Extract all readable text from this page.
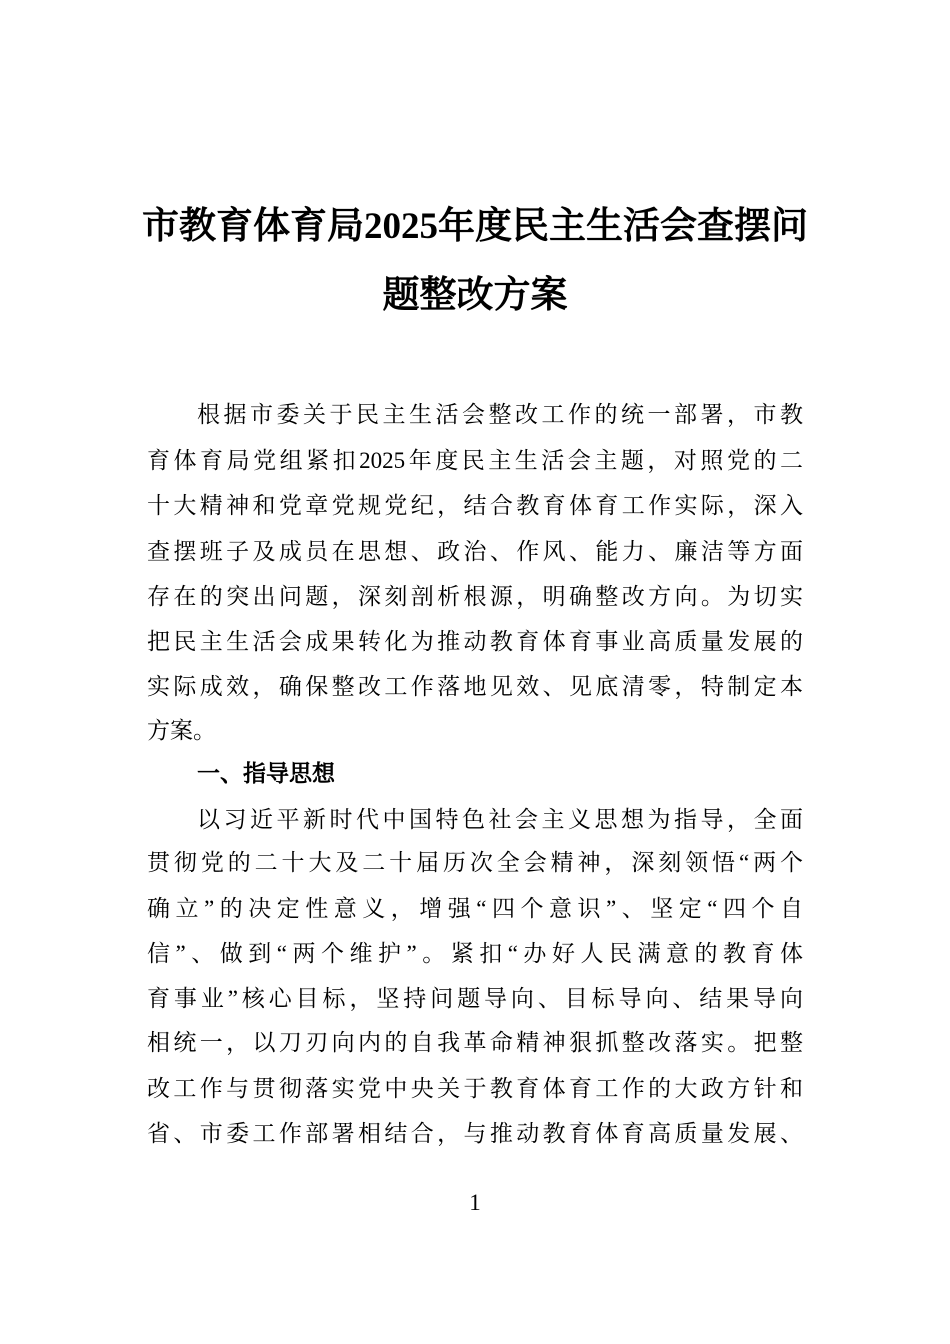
市教育体育局2025年度民主生活会查摆问
题整改方案
根据市委关于民主生活会整改工作的统一部署，市教
育体育局党组紧扣2025年度民主生活会主题，对照党的二
十大精神和党章党规党纪，结合教育体育工作实际，深入
查摆班子及成员在思想、政治、作风、能力、廉洁等方面
存在的突出问题，深刻剖析根源，明确整改方向。为切实
把民主生活会成果转化为推动教育体育事业高质量发展的
实际成效，确保整改工作落地见效、见底清零，特制定本
方案。
一、指导思想
以习近平新时代中国特色社会主义思想为指导，全面
贯彻党的二十大及二十届历次全会精神，深刻领悟“两个
确立”的决定性意义，增强“四个意识”、坚定“四个自
信”、做到“两个维护”。紧扣“办好人民满意的教育体
育事业”核心目标，坚持问题导向、目标导向、结果导向
相统一，以刀刃向内的自我革命精神狠抓整改落实。把整
改工作与贯彻落实党中央关于教育体育工作的大政方针和
省、市委工作部署相结合，与推动教育体育高质量发展、
1
